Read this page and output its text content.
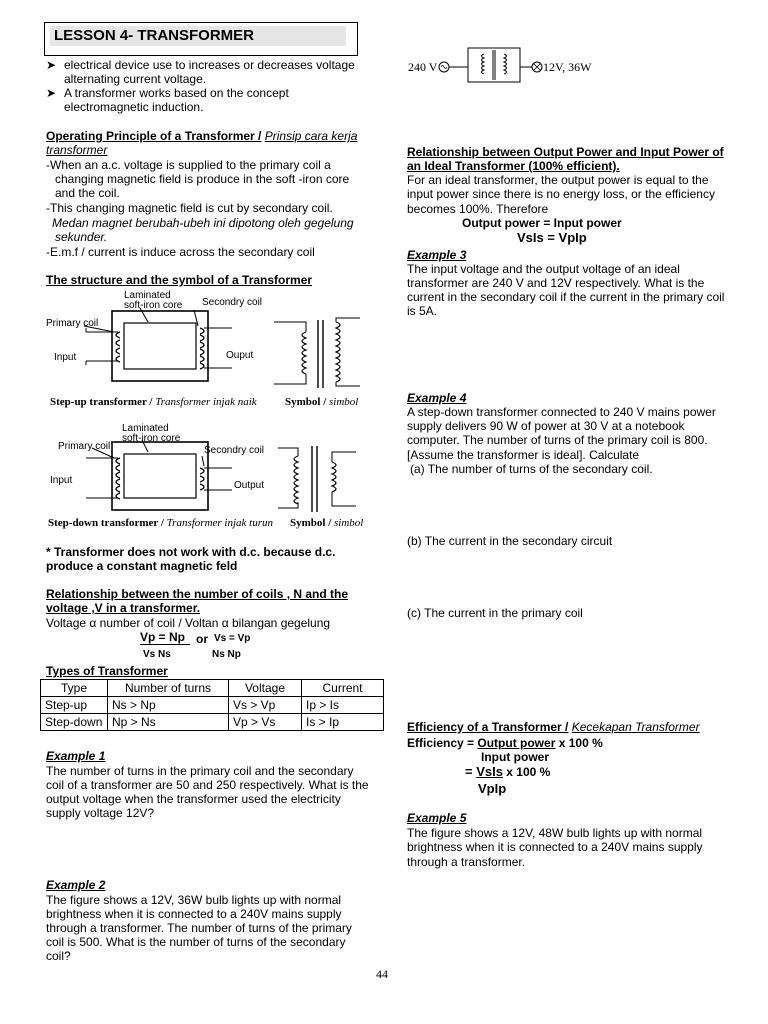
LESSON 4- TRANSFORMER
➤ electrical device use to increases or decreases voltage
alternating current voltage.
➤ A transformer works based on the concept
electromagnetic induction.
Operating Principle of a Transformer / Prinsip cara kerja
transformer
-When an a.c. voltage is supplied to the primary coil a
changing magnetic field is produce in the soft -iron core
and the coil.
-This changing magnetic field is cut by secondary coil.
Medan magnet berubah-ubeh ini dipotong oleh gegelung
sekunder.
-E.m.f / current is induce across the secondary coil
The structure and the symbol of a Transformer
Laminated
soft-iron core Secondry coil
Primary coil
Input	Ouput
Step-up transformer / Transformer injak naik	Symbol / simbol
Laminated
soft-iron core
Secondry coil
Primary coil
Input	Output
Step-down transformer / Transformer injak turun Symbol / simbol
* Transformer does not work with d.c. because d.c.
produce a constant magnetic feld
Relationship between the number of coils , N and the
voltage ,V in a transformer.
Voltage α number of coil / Voltan α bilangan gegelung
Vp = Np or Vs = Vp
Vs Ns	Ns Np
Types of Transformer
Type	Number of turns	Voltage	Current
Step-up	Ns > Np	Vs > Vp	Ip > Is
Step-down	Np > Ns	Vp > Vs	Is > Ip
Example 1
The number of turns in the primary coil and the secondary
coil of a transformer are 50 and 250 respectively. What is the
output voltage when the transformer used the electricity
supply voltage 12V?
Example 2
The figure shows a 12V, 36W bulb lights up with normal
brightness when it is connected to a 240V mains supply
through a transformer. The number of turns of the primary
coil is 500. What is the number of turns of the secondary
coil?
240 V	12V, 36W
Relationship between Output Power and Input Power of
an Ideal Transformer (100% efficient).
For an ideal transformer, the output power is equal to the
input power since there is no energy loss, or the efficiency
becomes 100%. Therefore
Output power = Input power
VsIs = VpIp
Example 3
The input voltage and the output voltage of an ideal
transformer are 240 V and 12V respectively. What is the
current in the secondary coil if the current in the primary coil
is 5A.
Example 4
A step-down transformer connected to 240 V mains power
supply delivers 90 W of power at 30 V at a notebook
computer. The number of turns of the primary coil is 800.
[Assume the transformer is ideal]. Calculate
(a) The number of turns of the secondary coil.
(b) The current in the secondary circuit
(c) The current in the primary coil
Efficiency of a Transformer / Kecekapan Transformer
Efficiency = Output power x 100 %
Input power
= VsIs x 100 %
VpIp
Example 5
The figure shows a 12V, 48W bulb lights up with normal
brightness when it is connected to a 240V mains supply
through a transformer.
44
